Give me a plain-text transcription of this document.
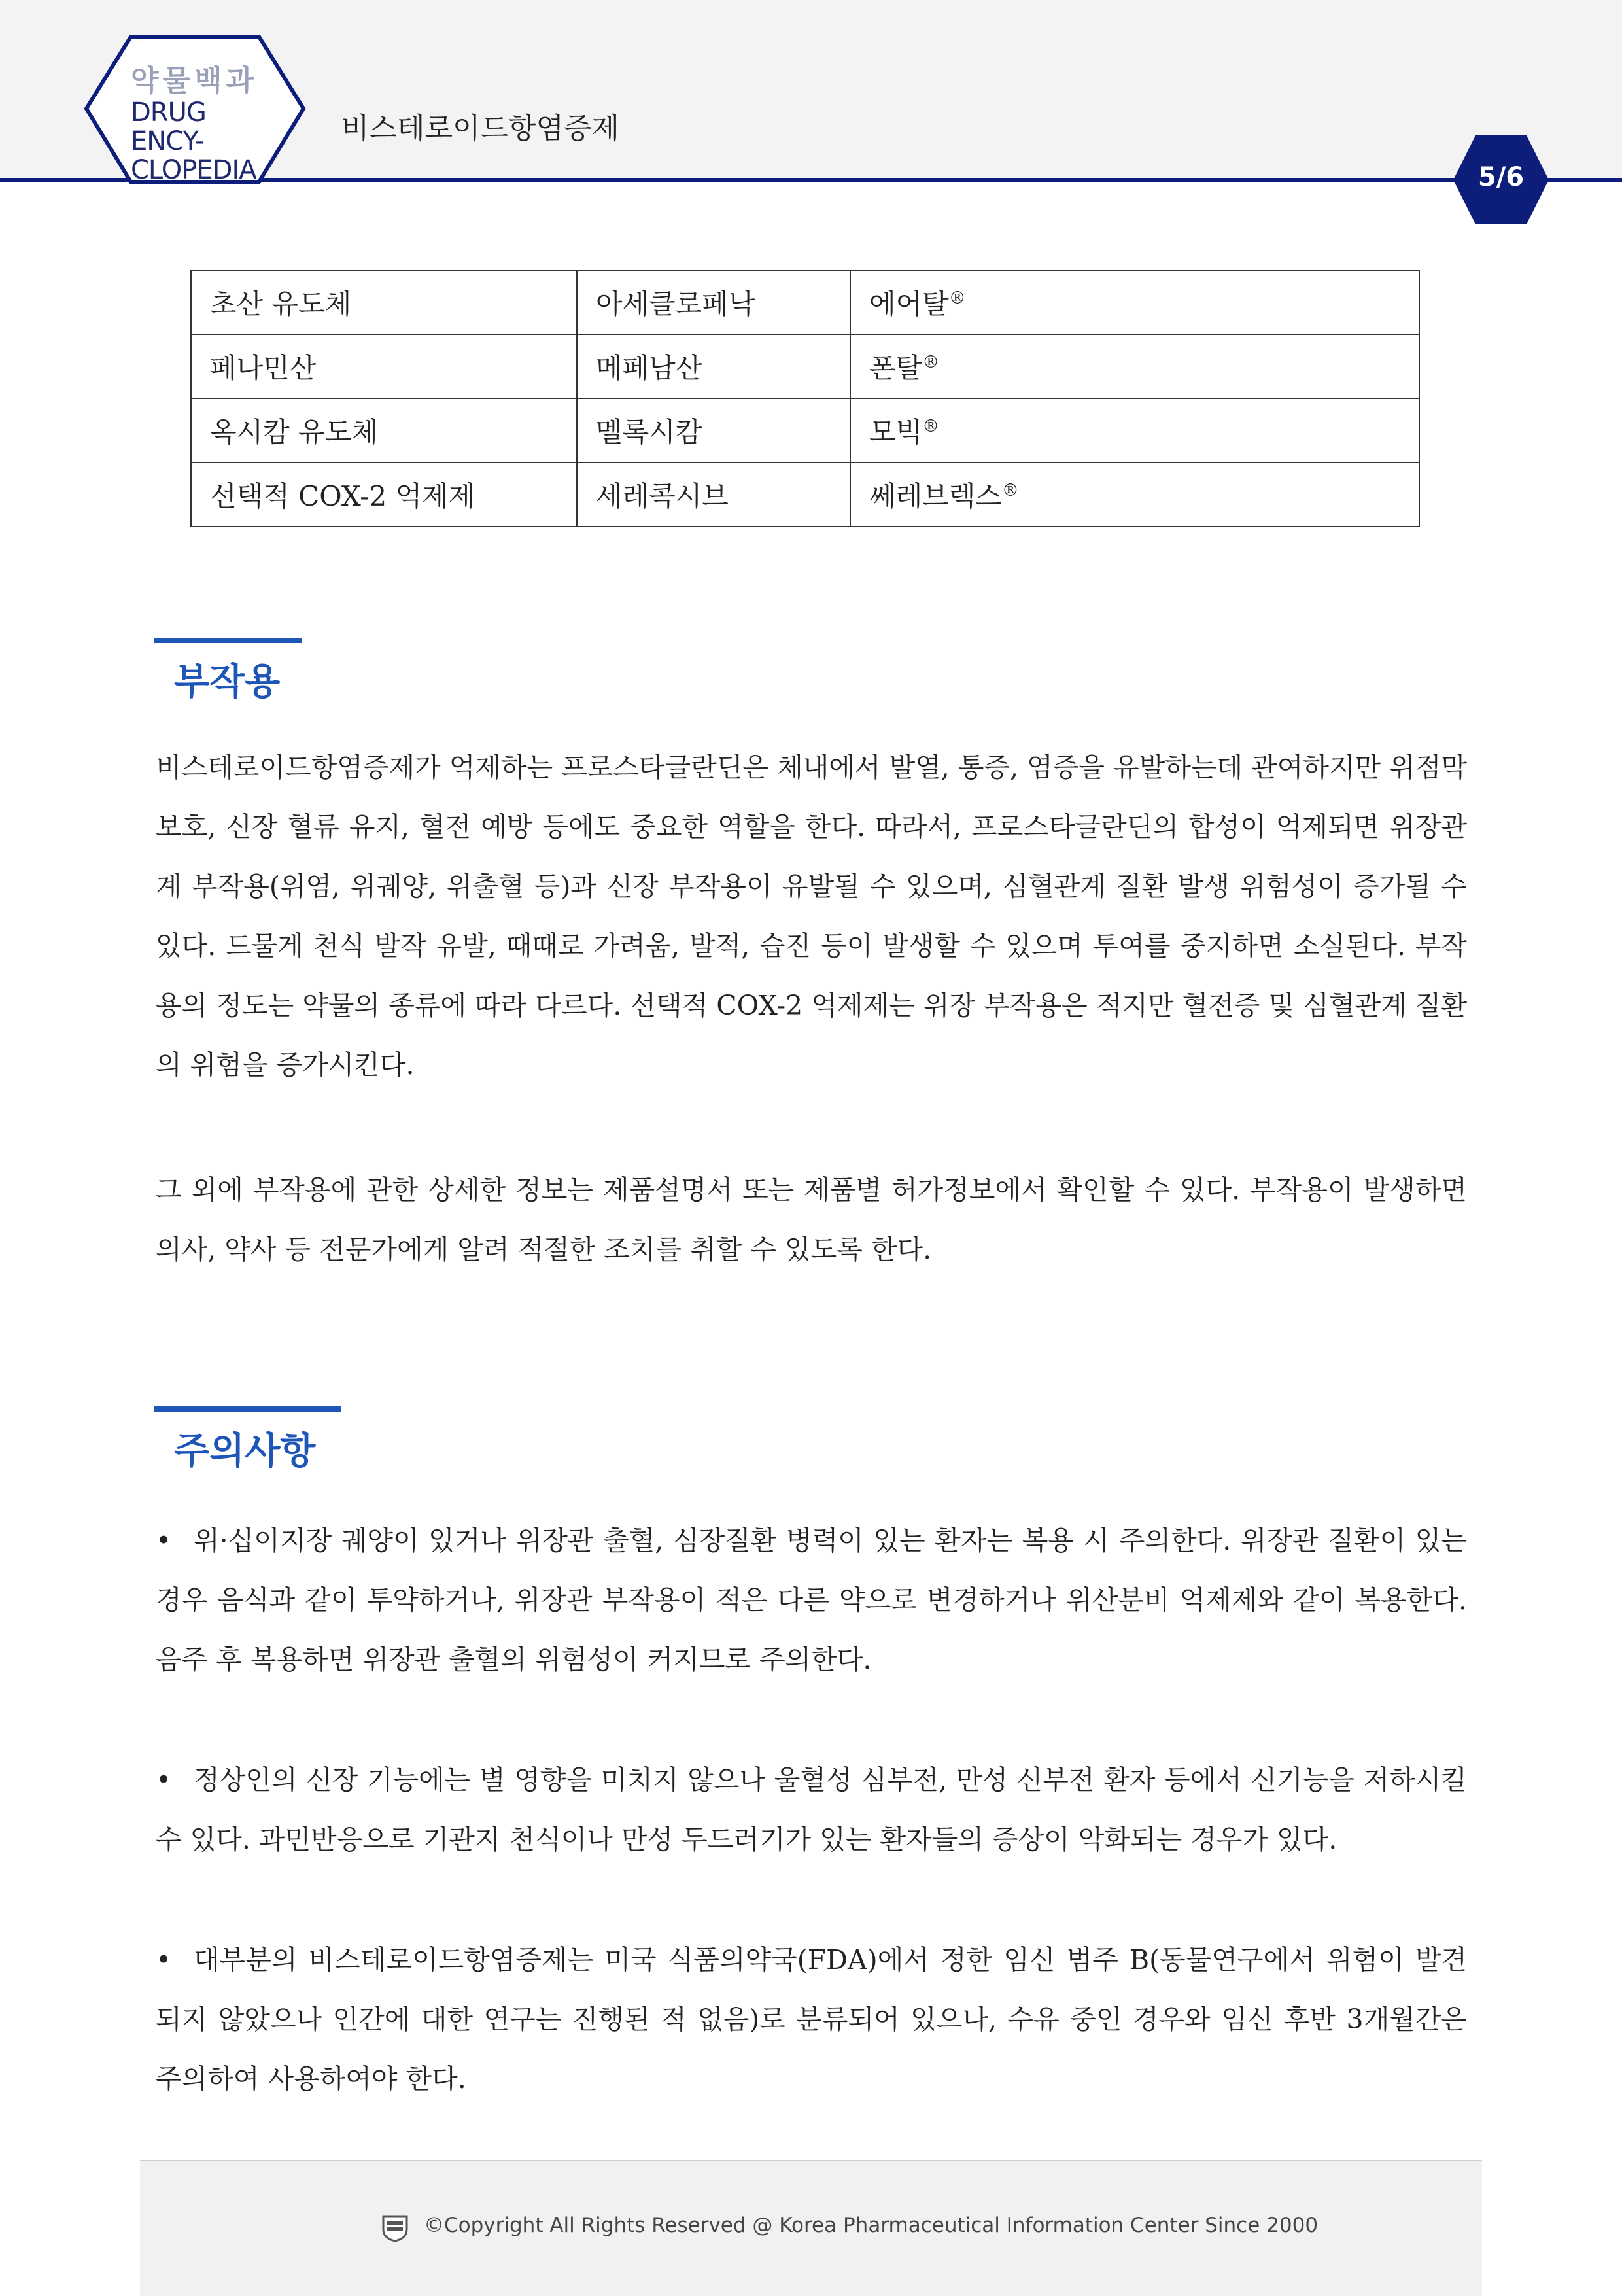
약물백과
DRUG ENCY-
CLOPEDIA
비스테로이드항염증제
5/6
초산 유도체	아세클로페낙	에어탈®
페나민산	메페남산	폰탈®
옥시캄 유도체	멜록시캄	모빅®
선택적 COX-2 억제제	세레콕시브	쎄레브렉스®
부작용

비스테로이드항염증제가 억제하는 프로스타글란딘은 체내에서 발열, 통증, 염증을 유발하는데 관여하지만 위점막 보호, 신장 혈류 유지, 혈전 예방 등에도 중요한 역할을 한다. 따라서, 프로스타글란딘의 합성이 억제되면 위장관계 부작용(위염, 위궤양, 위출혈 등)과 신장 부작용이 유발될 수 있으며, 심혈관계 질환 발생 위험성이 증가될 수 있다. 드물게 천식 발작 유발, 때때로 가려움, 발적, 습진 등이 발생할 수 있으며 투여를 중지하면 소실된다. 부작용의 정도는 약물의 종류에 따라 다르다. 선택적 COX-2 억제제는 위장 부작용은 적지만 혈전증 및 심혈관계 질환의 위험을 증가시킨다.

그 외에 부작용에 관한 상세한 정보는 제품설명서 또는 제품별 허가정보에서 확인할 수 있다. 부작용이 발생하면 의사, 약사 등 전문가에게 알려 적절한 조치를 취할 수 있도록 한다.

주의사항

• 위·십이지장 궤양이 있거나 위장관 출혈, 심장질환 병력이 있는 환자는 복용 시 주의한다. 위장관 질환이 있는 경우 음식과 같이 투약하거나, 위장관 부작용이 적은 다른 약으로 변경하거나 위산분비 억제제와 같이 복용한다. 음주 후 복용하면 위장관 출혈의 위험성이 커지므로 주의한다.

• 정상인의 신장 기능에는 별 영향을 미치지 않으나 울혈성 심부전, 만성 신부전 환자 등에서 신기능을 저하시킬 수 있다. 과민반응으로 기관지 천식이나 만성 두드러기가 있는 환자들의 증상이 악화되는 경우가 있다.

• 대부분의 비스테로이드항염증제는 미국 식품의약국(FDA)에서 정한 임신 범주 B(동물연구에서 위험이 발견되지 않았으나 인간에 대한 연구는 진행된 적 없음)로 분류되어 있으나, 수유 중인 경우와 임신 후반 3개월간은 주의하여 사용하여야 한다.

©Copyright All Rights Reserved @ Korea Pharmaceutical Information Center Since 2000
